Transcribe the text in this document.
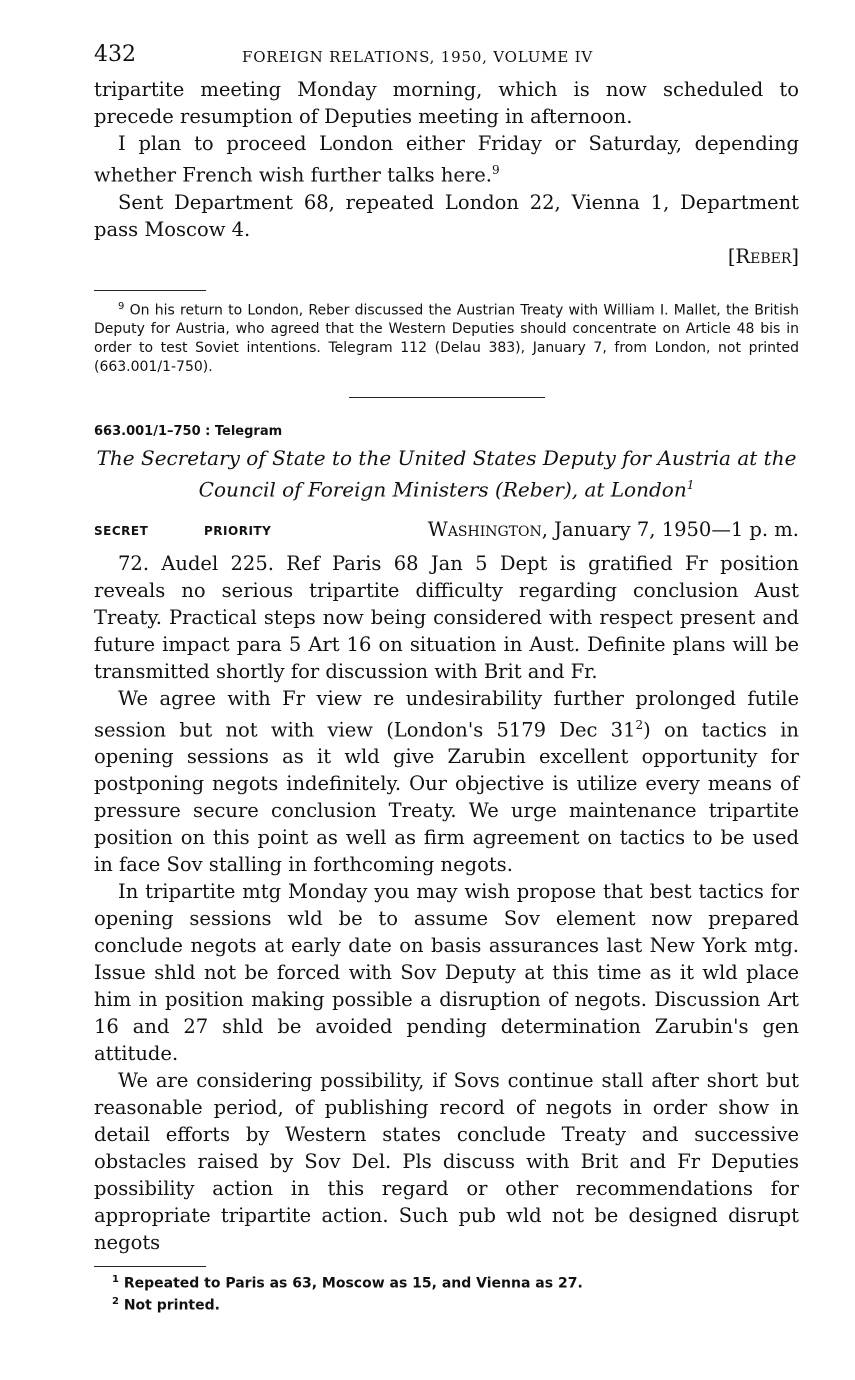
432	FOREIGN RELATIONS, 1950, VOLUME IV

tripartite meeting Monday morning, which is now scheduled to precede resumption of Deputies meeting in afternoon.

I plan to proceed London either Friday or Saturday, depending whether French wish further talks here.$^9$

Sent Department 68, repeated London 22, Vienna 1, Department pass Moscow 4.

[Reber]

$^9$ On his return to London, Reber discussed the Austrian Treaty with William I. Mallet, the British Deputy for Austria, who agreed that the Western Deputies should concentrate on Article 48 bis in order to test Soviet intentions. Telegram 112 (Delau 383), January 7, from London, not printed (663.001/1-750).

663.001/1–750 : Telegram
The Secretary of State to the United States Deputy for Austria at the Council of Foreign Ministers (Reber), at London$^1$
SECRET	PRIORITY	Washington, January 7, 1950—1 p. m.

72. Audel 225. Ref Paris 68 Jan 5 Dept is gratified Fr position reveals no serious tripartite difficulty regarding conclusion Aust Treaty. Practical steps now being considered with respect present and future impact para 5 Art 16 on situation in Aust. Definite plans will be transmitted shortly for discussion with Brit and Fr.

We agree with Fr view re undesirability further prolonged futile session but not with view (London's 5179 Dec $31^2$) on tactics in opening sessions as it wld give Zarubin excellent opportunity for postponing negots indefinitely. Our objective is utilize every means of pressure secure conclusion Treaty. We urge maintenance tripartite position on this point as well as firm agreement on tactics to be used in face Sov stalling in forthcoming negots.

In tripartite mtg Monday you may wish propose that best tactics for opening sessions wld be to assume Sov element now prepared conclude negots at early date on basis assurances last New York mtg. Issue shld not be forced with Sov Deputy at this time as it wld place him in position making possible a disruption of negots. Discussion Art 16 and 27 shld be avoided pending determination Zarubin's gen attitude.

We are considering possibility, if Sovs continue stall after short but reasonable period, of publishing record of negots in order show in detail efforts by Western states conclude Treaty and successive obstacles raised by Sov Del. Pls discuss with Brit and Fr Deputies possibility action in this regard or other recommendations for appropriate tripartite action. Such pub wld not be designed disrupt negots

$^1$ Repeated to Paris as 63, Moscow as 15, and Vienna as 27.

$^2$ Not printed.
